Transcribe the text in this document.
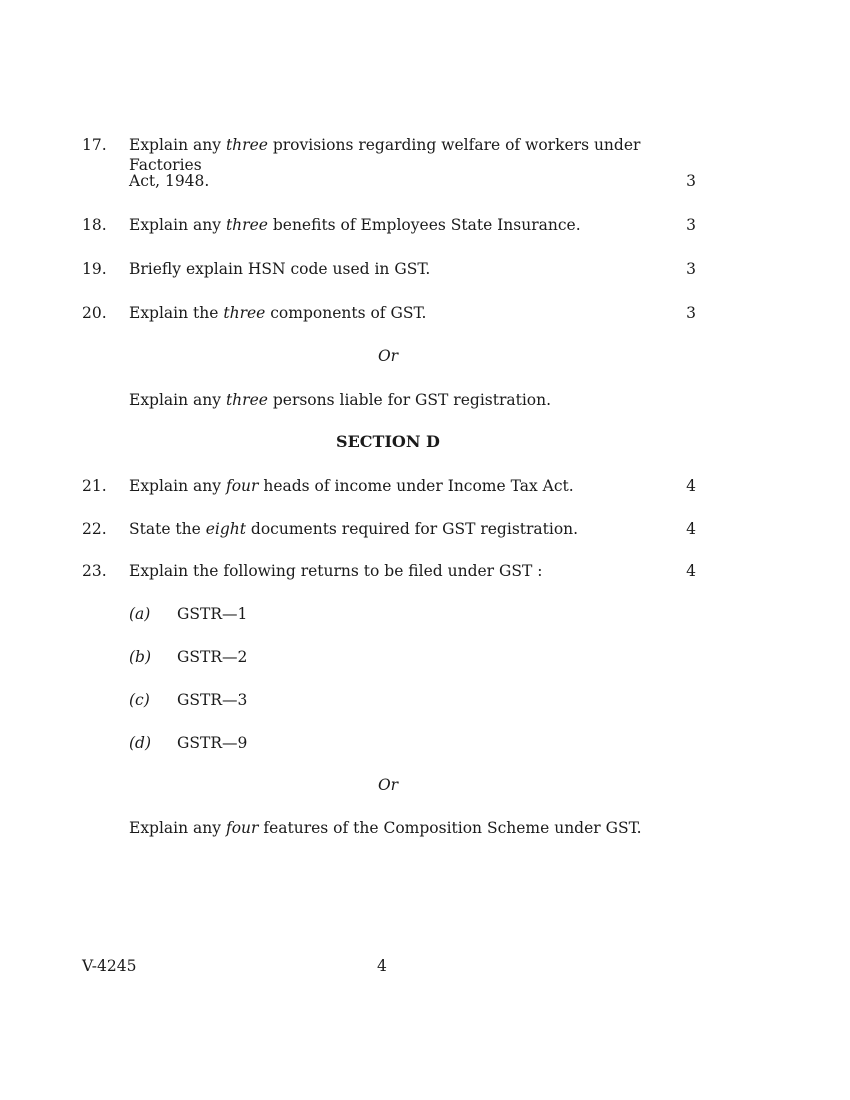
17. Explain any three provisions regarding welfare of workers under Factories
Act, 1948.	3
18. Explain any three benefits of Employees State Insurance.	3
19. Briefly explain HSN code used in GST.	3
20. Explain the three components of GST.	3
Or
Explain any three persons liable for GST registration.
SECTION D
21. Explain any four heads of income under Income Tax Act.	4
22. State the eight documents required for GST registration.	4
23. Explain the following returns to be filed under GST :	4
(a) GSTR—1
(b) GSTR—2
(c) GSTR—3
(d) GSTR—9
Or
Explain any four features of the Composition Scheme under GST.
V-4245	4
